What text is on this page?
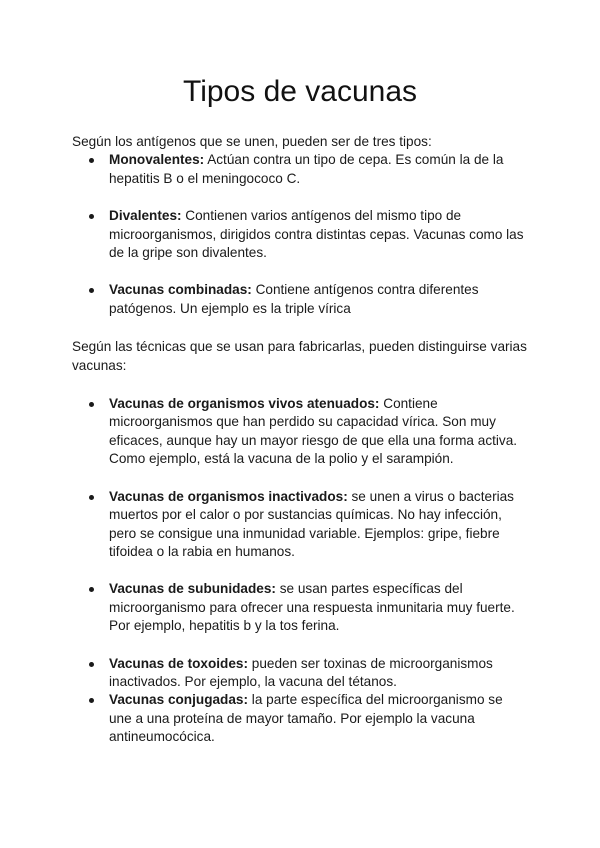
Tipos de vacunas

Según los antígenos que se unen, pueden ser de tres tipos:

Monovalentes: Actúan contra un tipo de cepa. Es común la de la hepatitis B o el meningococo C.
Divalentes: Contienen varios antígenos del mismo tipo de microorganismos, dirigidos contra distintas cepas. Vacunas como las de la gripe son divalentes.
Vacunas combinadas: Contiene antígenos contra diferentes patógenos. Un ejemplo es la triple vírica

Según las técnicas que se usan para fabricarlas, pueden distinguirse varias vacunas:

Vacunas de organismos vivos atenuados: Contiene microorganismos que han perdido su capacidad vírica. Son muy eficaces, aunque hay un mayor riesgo de que ella una forma activa. Como ejemplo, está la vacuna de la polio y el sarampión.
Vacunas de organismos inactivados: se unen a virus o bacterias muertos por el calor o por sustancias químicas. No hay infección, pero se consigue una inmunidad variable. Ejemplos: gripe, fiebre tifoidea o la rabia en humanos.
Vacunas de subunidades: se usan partes específicas del microorganismo para ofrecer una respuesta inmunitaria muy fuerte. Por ejemplo, hepatitis b y la tos ferina.
Vacunas de toxoides: pueden ser toxinas de microorganismos inactivados. Por ejemplo, la vacuna del tétanos.
Vacunas conjugadas: la parte específica del microorganismo se une a una proteína de mayor tamaño. Por ejemplo la vacuna antineumocócica.
